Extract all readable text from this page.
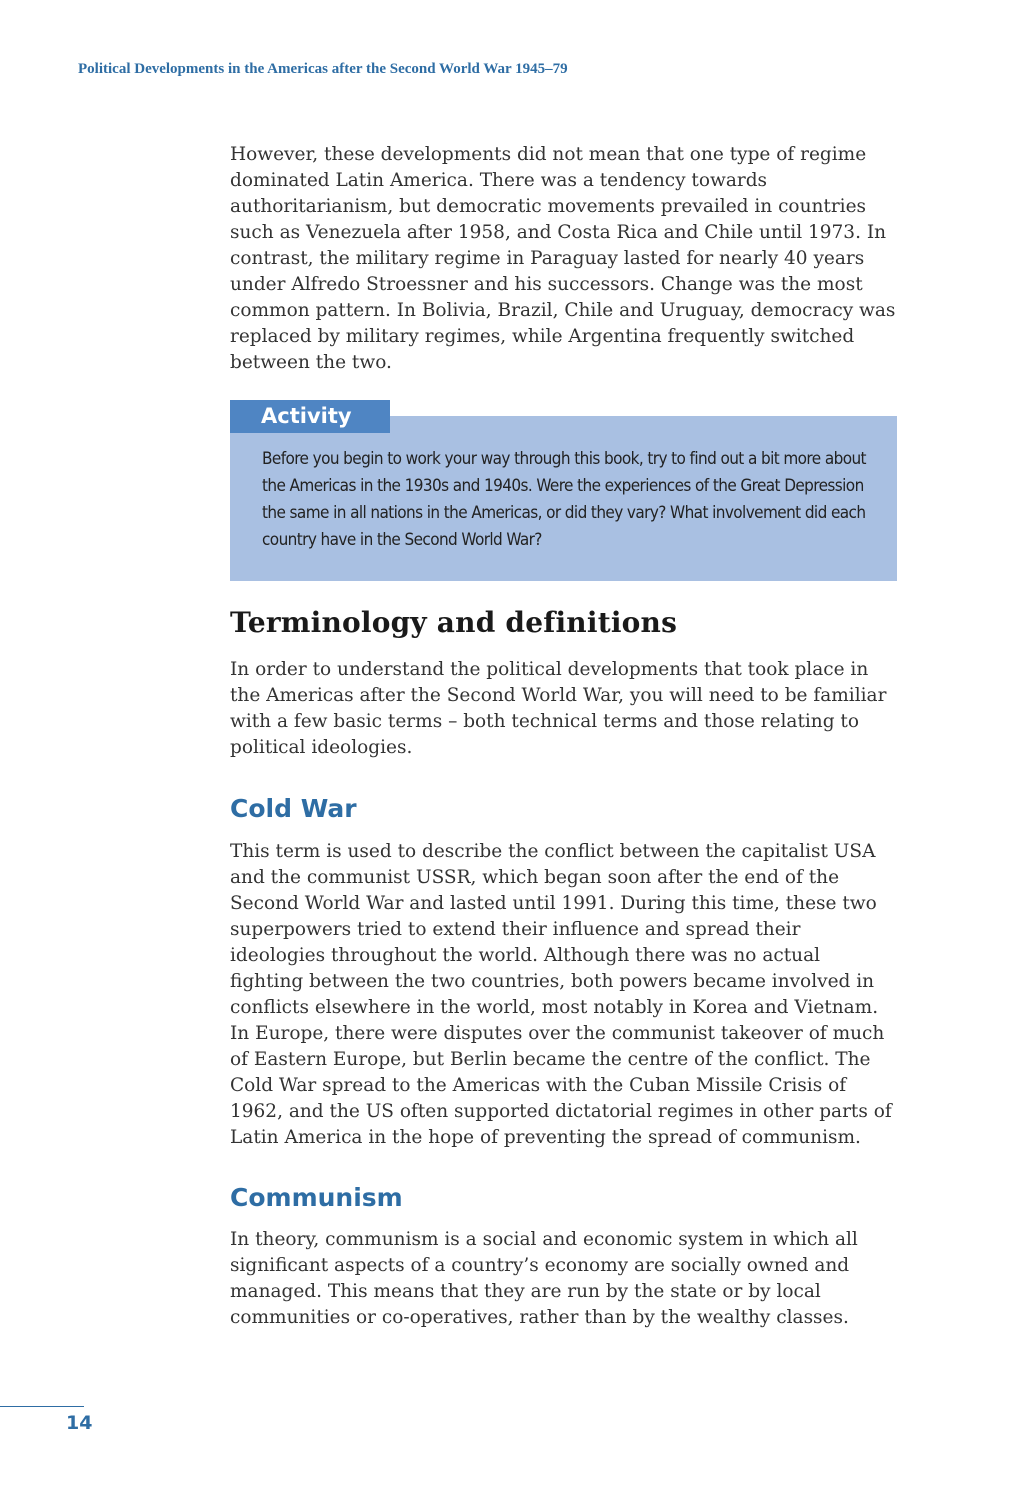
Political Developments in the Americas after the Second World War 1945–79

However, these developments did not mean that one type of regime dominated Latin America. There was a tendency towards authoritarianism, but democratic movements prevailed in countries such as Venezuela after 1958, and Costa Rica and Chile until 1973. In contrast, the military regime in Paraguay lasted for nearly 40 years under Alfredo Stroessner and his successors. Change was the most common pattern. In Bolivia, Brazil, Chile and Uruguay, democracy was replaced by military regimes, while Argentina frequently switched between the two.

Activity

Before you begin to work your way through this book, try to find out a bit more about the Americas in the 1930s and 1940s. Were the experiences of the Great Depression the same in all nations in the Americas, or did they vary? What involvement did each country have in the Second World War?

Terminology and definitions

In order to understand the political developments that took place in the Americas after the Second World War, you will need to be familiar with a few basic terms – both technical terms and those relating to political ideologies.

Cold War

This term is used to describe the conflict between the capitalist USA and the communist USSR, which began soon after the end of the Second World War and lasted until 1991. During this time, these two superpowers tried to extend their influence and spread their ideologies throughout the world. Although there was no actual fighting between the two countries, both powers became involved in conflicts elsewhere in the world, most notably in Korea and Vietnam. In Europe, there were disputes over the communist takeover of much of Eastern Europe, but Berlin became the centre of the conflict. The Cold War spread to the Americas with the Cuban Missile Crisis of 1962, and the US often supported dictatorial regimes in other parts of Latin America in the hope of preventing the spread of communism.

Communism

In theory, communism is a social and economic system in which all significant aspects of a country’s economy are socially owned and managed. This means that they are run by the state or by local communities or co-operatives, rather than by the wealthy classes.

14
